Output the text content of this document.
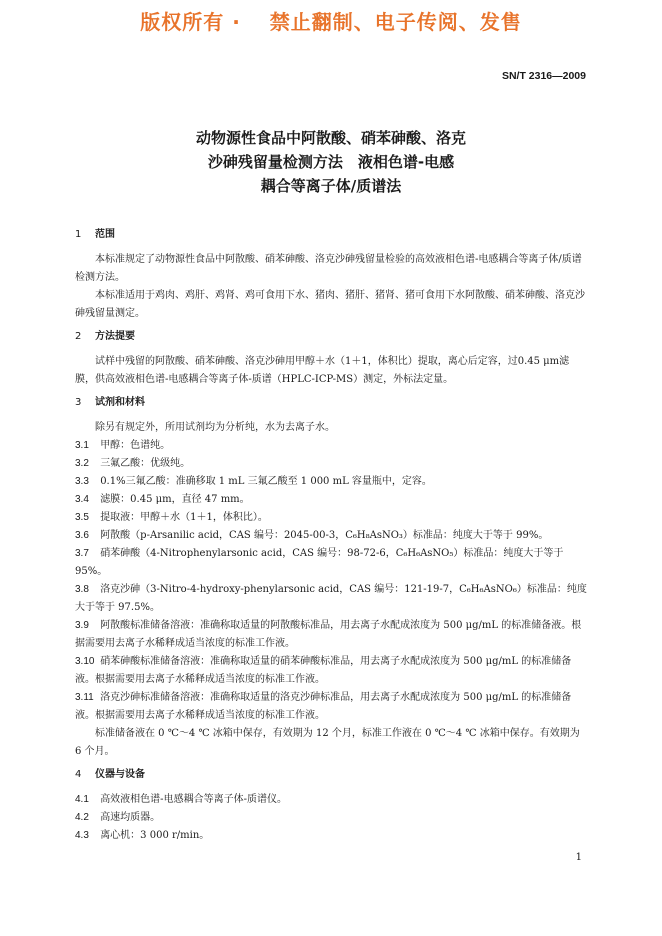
版权所有 ·　 禁止翻制、电子传阅、发售
SN/T 2316—2009
动物源性食品中阿散酸、硝苯砷酸、洛克
沙砷残留量检测方法　液相色谱-电感
耦合等离子体/质谱法
1 范围

本标准规定了动物源性食品中阿散酸、硝苯砷酸、洛克沙砷残留量检验的高效液相色谱-电感耦合等离子体/质谱检测方法。

本标准适用于鸡肉、鸡肝、鸡肾、鸡可食用下水、猪肉、猪肝、猪肾、猪可食用下水阿散酸、硝苯砷酸、洛克沙砷残留量测定。

2 方法提要

试样中残留的阿散酸、硝苯砷酸、洛克沙砷用甲醇＋水（1＋1，体积比）提取，离心后定容，过0.45 μm滤膜，供高效液相色谱-电感耦合等离子体-质谱（HPLC-ICP-MS）测定，外标法定量。

3 试剂和材料

除另有规定外，所用试剂均为分析纯，水为去离子水。

3.1 甲醇：色谱纯。

3.2 三氟乙酸：优级纯。

3.3 0.1%三氟乙酸：准确移取 1 mL 三氟乙酸至 1 000 mL 容量瓶中，定容。

3.4 滤膜：0.45 μm，直径 47 mm。

3.5 提取液：甲醇＋水（1＋1，体积比）。

3.6 阿散酸（p-Arsanilic acid，CAS 编号：2045-00-3，C₆H₈AsNO₃）标准品：纯度大于等于 99%。

3.7 硝苯砷酸（4-Nitrophenylarsonic acid，CAS 编号：98-72-6，C₆H₆AsNO₅）标准品：纯度大于等于 95%。

3.8 洛克沙砷（3-Nitro-4-hydroxy-phenylarsonic acid，CAS 编号：121-19-7，C₆H₆AsNO₆）标准品：纯度大于等于 97.5%。

3.9 阿散酸标准储备溶液：准确称取适量的阿散酸标准品，用去离子水配成浓度为 500 μg/mL 的标准储备液。根据需要用去离子水稀释成适当浓度的标准工作液。

3.10 硝苯砷酸标准储备溶液：准确称取适量的硝苯砷酸标准品，用去离子水配成浓度为 500 μg/mL 的标准储备液。根据需要用去离子水稀释成适当浓度的标准工作液。

3.11 洛克沙砷标准储备溶液：准确称取适量的洛克沙砷标准品，用去离子水配成浓度为 500 μg/mL 的标准储备液。根据需要用去离子水稀释成适当浓度的标准工作液。

标准储备液在 0 ℃～4 ℃ 冰箱中保存，有效期为 12 个月，标准工作液在 0 ℃～4 ℃ 冰箱中保存。有效期为 6 个月。

4 仪器与设备

4.1 高效液相色谱-电感耦合等离子体-质谱仪。

4.2 高速均质器。

4.3 离心机：3 000 r/min。

1
